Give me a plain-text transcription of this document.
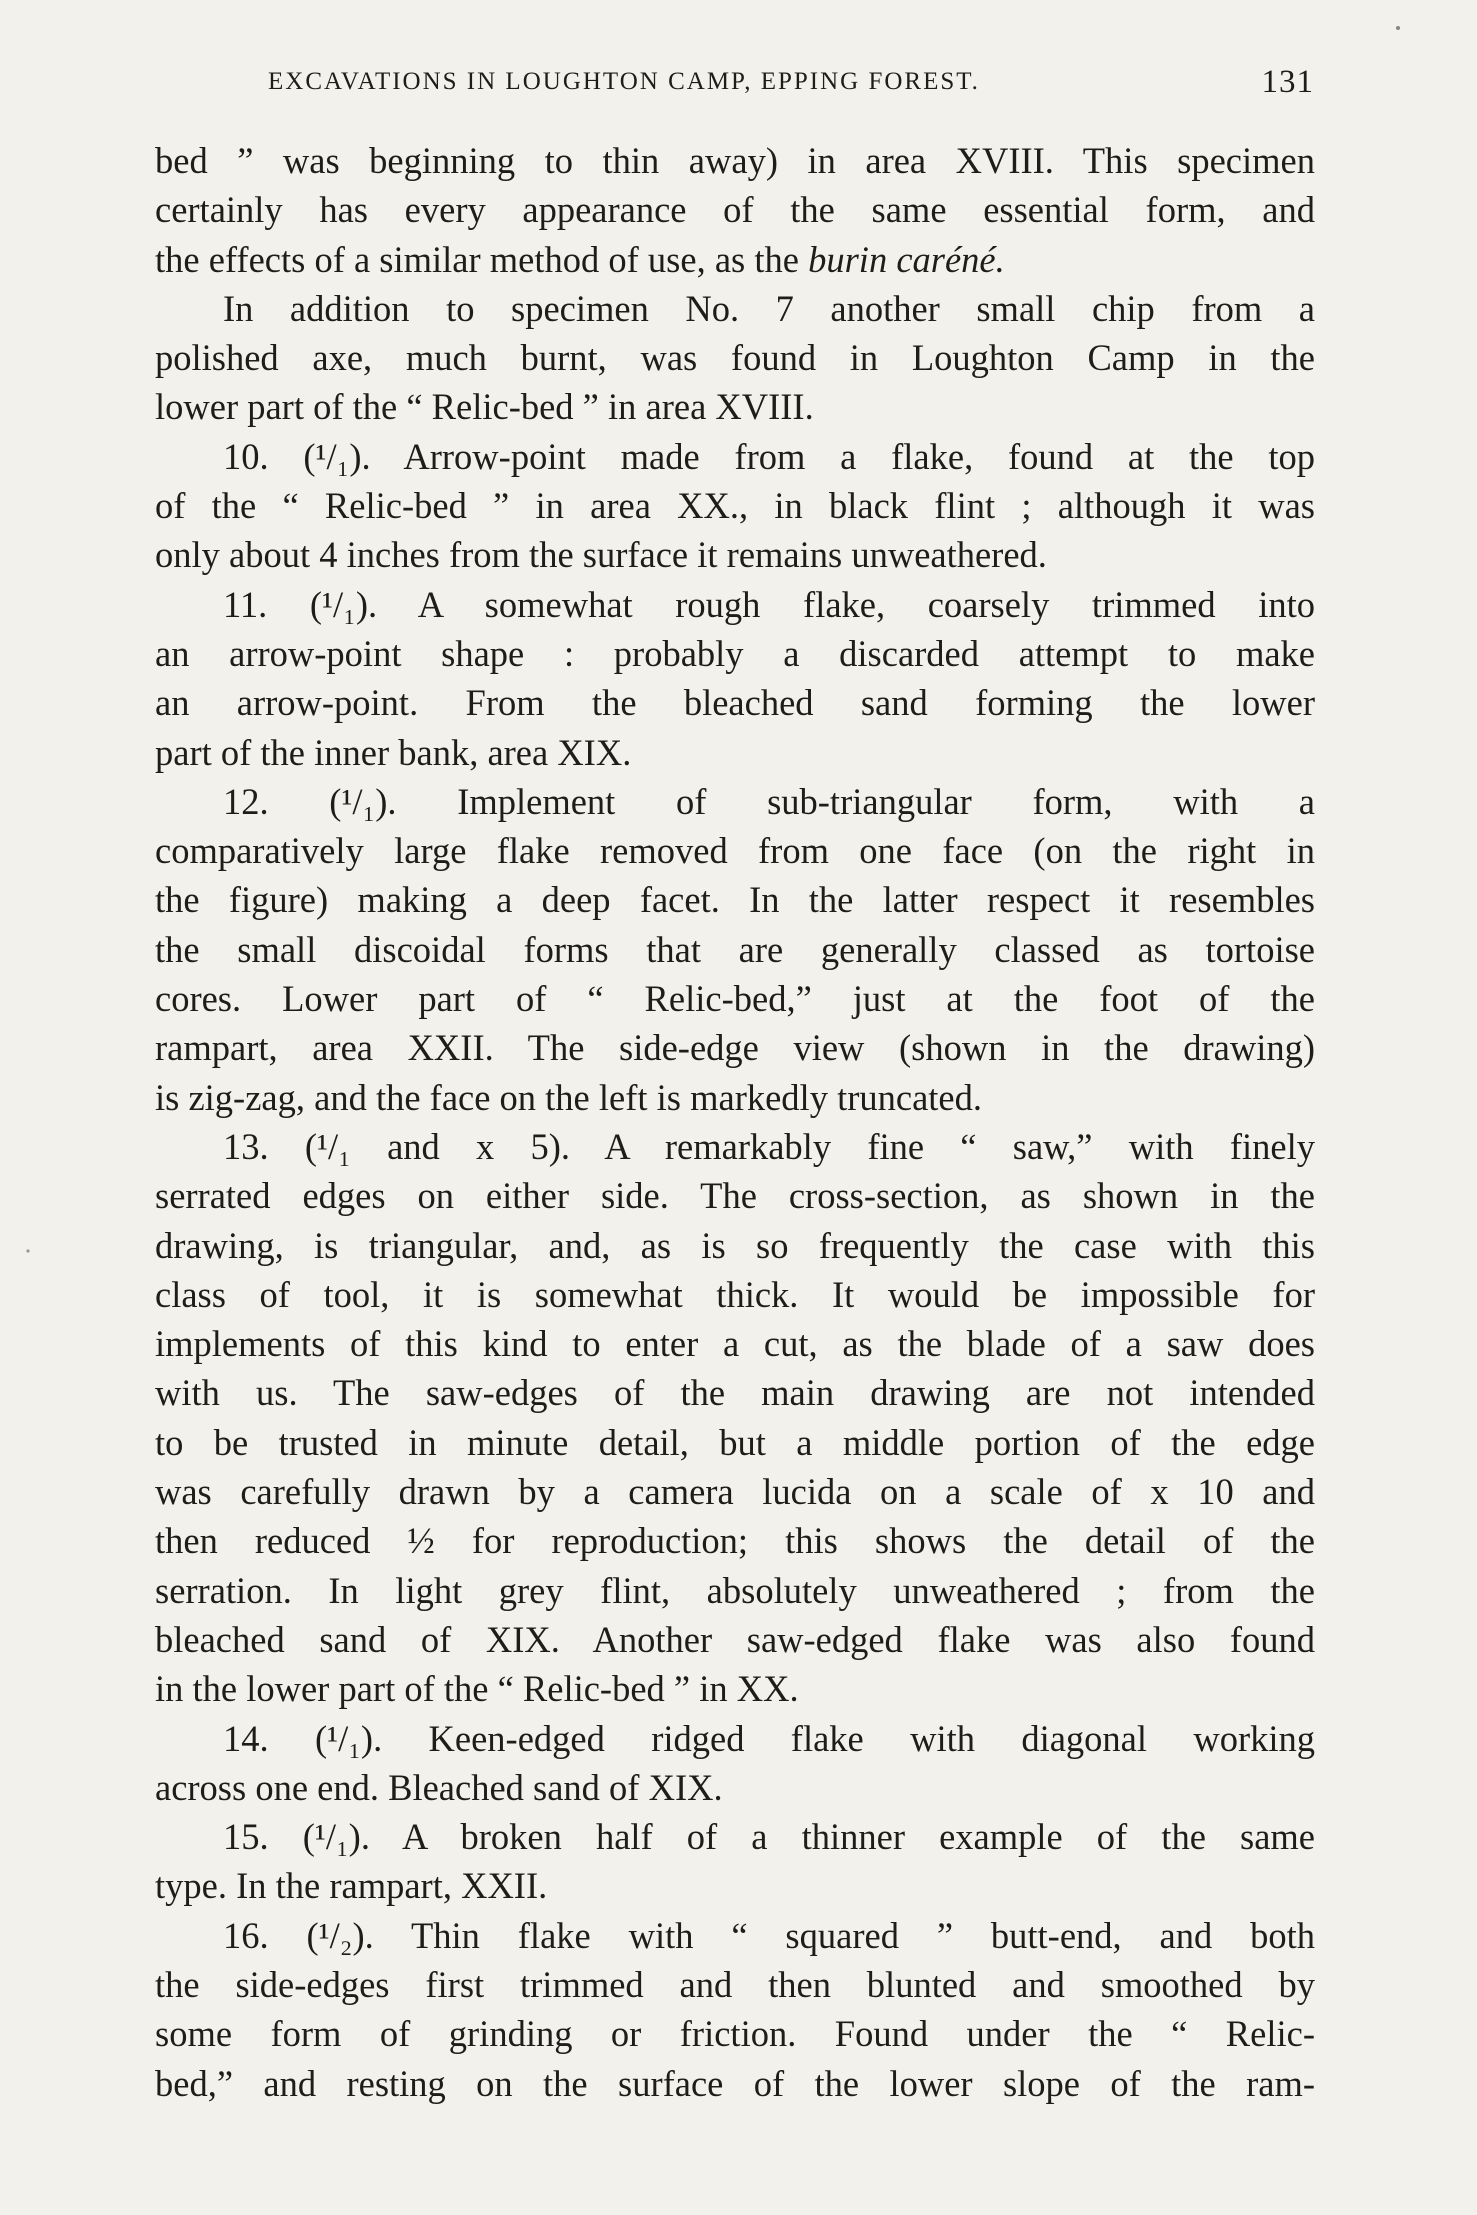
EXCAVATIONS IN LOUGHTON CAMP, EPPING FOREST.	131
bed ” was beginning to thin away) in area XVIII. This specimen
certainly has every appearance of the same essential form, and
the effects of a similar method of use, as the burin caréné.
In addition to specimen No. 7 another small chip from a
polished axe, much burnt, was found in Loughton Camp in the
lower part of the “ Relic-bed ” in area XVIII.
10. (¹/₁). Arrow-point made from a flake, found at the top
of the “ Relic-bed ” in area XX., in black flint ; although it was
only about 4 inches from the surface it remains unweathered.
11. (¹/₁). A somewhat rough flake, coarsely trimmed into
an arrow-point shape : probably a discarded attempt to make
an arrow-point. From the bleached sand forming the lower
part of the inner bank, area XIX.
12. (¹/₁). Implement of sub-triangular form, with a
comparatively large flake removed from one face (on the right in
the figure) making a deep facet. In the latter respect it resembles
the small discoidal forms that are generally classed as tortoise
cores. Lower part of “ Relic-bed,” just at the foot of the
rampart, area XXII. The side-edge view (shown in the drawing)
is zig-zag, and the face on the left is markedly truncated.
13. (¹/₁ and x 5). A remarkably fine “ saw,” with finely
serrated edges on either side. The cross-section, as shown in the
drawing, is triangular, and, as is so frequently the case with this
class of tool, it is somewhat thick. It would be impossible for
implements of this kind to enter a cut, as the blade of a saw does
with us. The saw-edges of the main drawing are not intended
to be trusted in minute detail, but a middle portion of the edge
was carefully drawn by a camera lucida on a scale of x 10 and
then reduced ½ for reproduction; this shows the detail of the
serration. In light grey flint, absolutely unweathered ; from the
bleached sand of XIX. Another saw-edged flake was also found
in the lower part of the “ Relic-bed ” in XX.
14. (¹/₁). Keen-edged ridged flake with diagonal working
across one end. Bleached sand of XIX.
15. (¹/₁). A broken half of a thinner example of the same
type. In the rampart, XXII.
16. (¹/₂). Thin flake with “ squared ” butt-end, and both
the side-edges first trimmed and then blunted and smoothed by
some form of grinding or friction. Found under the “ Relic-
bed,” and resting on the surface of the lower slope of the ram-
